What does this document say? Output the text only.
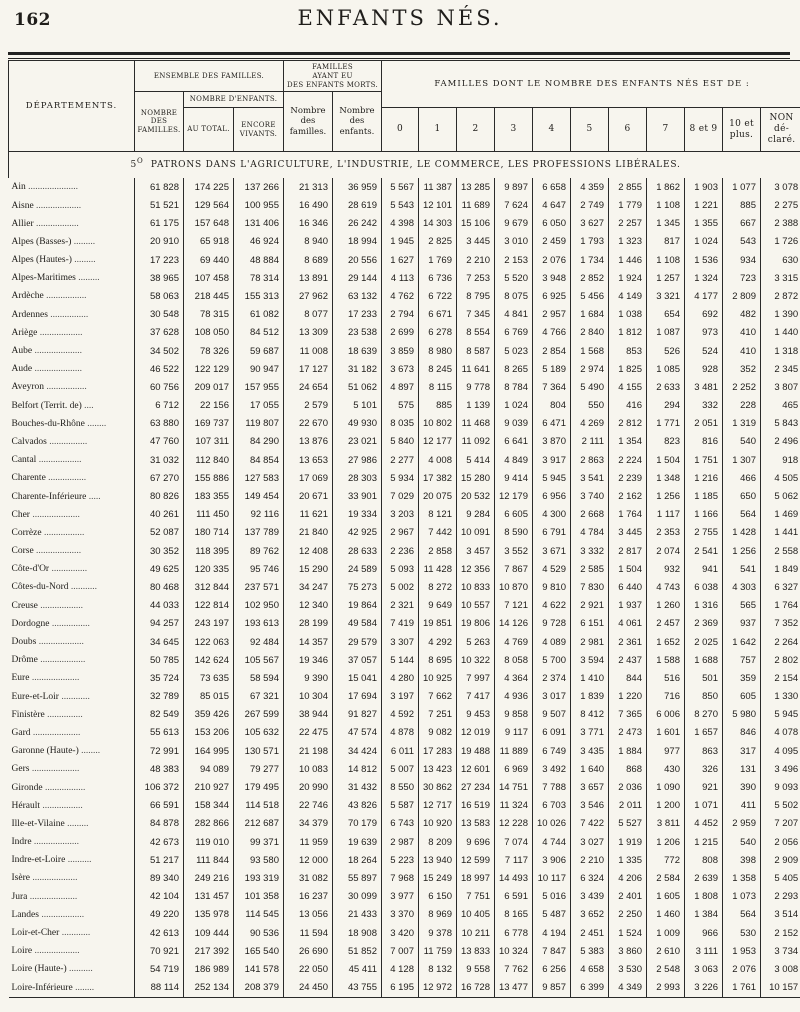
162	ENFANTS NÉS.
DÉPARTEMENTS.	ENSEMBLE DES FAMILLES.			FAMILLES
AYANT EU
DES ENFANTS MORTS.		FAMILLES DONT LE NOMBRE DES ENFANTS NÉS EST DE :										
	NOMBRE DES FAMILLES.	NOMBRE D'ENFANTS.		Nombre des familles.	Nombre des enfants.											
		AU TOTAL.	ENCORE VIVANTS.			0	1	2	3	4	5	6	7	8 et 9	10 et plus.	NON dé- claré.
$5^O$ PATRONS DANS L'AGRICULTURE, L'INDUSTRIE, LE COMMERCE, LES PROFESSIONS LIBÉRALES.																
Ain .....................	61 828	174 225	137 266	21 313	36 959	5 567	11 387	13 285	9 897	6 658	4 359	2 855	1 862	1 903	1 077	3 078
Aisne ...................	51 521	129 564	100 955	16 490	28 619	5 543	12 101	11 689	7 624	4 647	2 749	1 779	1 108	1 221	885	2 275
Allier ..................	61 175	157 648	131 406	16 346	26 242	4 398	14 303	15 106	9 679	6 050	3 627	2 257	1 345	1 355	667	2 388
Alpes (Basses-) .........	20 910	65 918	46 924	8 940	18 994	1 945	2 825	3 445	3 010	2 459	1 793	1 323	817	1 024	543	1 726
Alpes (Hautes-) .........	17 223	69 440	48 884	8 689	20 556	1 627	1 769	2 210	2 153	2 076	1 734	1 446	1 108	1 536	934	630
Alpes-Maritimes .........	38 965	107 458	78 314	13 891	29 144	4 113	6 736	7 253	5 520	3 948	2 852	1 924	1 257	1 324	723	3 315
Ardèche .................	58 063	218 445	155 313	27 962	63 132	4 762	6 722	8 795	8 075	6 925	5 456	4 149	3 321	4 177	2 809	2 872
Ardennes ................	30 548	78 315	61 082	8 077	17 233	2 794	6 671	7 345	4 841	2 957	1 684	1 038	654	692	482	1 390
Ariège ..................	37 628	108 050	84 512	13 309	23 538	2 699	6 278	8 554	6 769	4 766	2 840	1 812	1 087	973	410	1 440
Aube ....................	34 502	78 326	59 687	11 008	18 639	3 859	8 980	8 587	5 023	2 854	1 568	853	526	524	410	1 318
Aude ....................	46 522	122 129	90 947	17 127	31 182	3 673	8 245	11 641	8 265	5 189	2 974	1 825	1 085	928	352	2 345
Aveyron .................	60 756	209 017	157 955	24 654	51 062	4 897	8 115	9 778	8 784	7 364	5 490	4 155	2 633	3 481	2 252	3 807
Belfort (Territ. de) ....	6 712	22 156	17 055	2 579	5 101	575	885	1 139	1 024	804	550	416	294	332	228	465
Bouches-du-Rhône ........	63 880	169 737	119 807	22 670	49 930	8 035	10 802	11 468	9 039	6 471	4 269	2 812	1 771	2 051	1 319	5 843
Calvados ................	47 760	107 311	84 290	13 876	23 021	5 840	12 177	11 092	6 641	3 870	2 111	1 354	823	816	540	2 496
Cantal ..................	31 032	112 840	84 854	13 653	27 986	2 277	4 008	5 414	4 849	3 917	2 863	2 224	1 504	1 751	1 307	918
Charente ................	67 270	155 886	127 583	17 069	28 303	5 934	17 382	15 280	9 414	5 945	3 541	2 239	1 348	1 216	466	4 505
Charente-Inférieure .....	80 826	183 355	149 454	20 671	33 901	7 029	20 075	20 532	12 179	6 956	3 740	2 162	1 256	1 185	650	5 062
Cher ....................	40 261	111 450	92 116	11 621	19 334	3 203	8 121	9 284	6 605	4 300	2 668	1 764	1 117	1 166	564	1 469
Corrèze .................	52 087	180 714	137 789	21 840	42 925	2 967	7 442	10 091	8 590	6 791	4 784	3 445	2 353	2 755	1 428	1 441
Corse ...................	30 352	118 395	89 762	12 408	28 633	2 236	2 858	3 457	3 552	3 671	3 332	2 817	2 074	2 541	1 256	2 558
Côte-d'Or ...............	49 625	120 335	95 746	15 290	24 589	5 093	11 428	12 356	7 867	4 529	2 585	1 504	932	941	541	1 849
Côtes-du-Nord ...........	80 468	312 844	237 571	34 247	75 273	5 002	8 272	10 833	10 870	9 810	7 830	6 440	4 743	6 038	4 303	6 327
Creuse ..................	44 033	122 814	102 950	12 340	19 864	2 321	9 649	10 557	7 121	4 622	2 921	1 937	1 260	1 316	565	1 764
Dordogne ................	94 257	243 197	193 613	28 199	49 584	7 419	19 851	19 806	14 126	9 728	6 151	4 061	2 457	2 369	937	7 352
Doubs ...................	34 645	122 063	92 484	14 357	29 579	3 307	4 292	5 263	4 769	4 089	2 981	2 361	1 652	2 025	1 642	2 264
Drôme ...................	50 785	142 624	105 567	19 346	37 057	5 144	8 695	10 322	8 058	5 700	3 594	2 437	1 588	1 688	757	2 802
Eure ....................	35 724	73 635	58 594	9 390	15 041	4 280	10 925	7 997	4 364	2 374	1 410	844	516	501	359	2 154
Eure-et-Loir ............	32 789	85 015	67 321	10 304	17 694	3 197	7 662	7 417	4 936	3 017	1 839	1 220	716	850	605	1 330
Finistère ...............	82 549	359 426	267 599	38 944	91 827	4 592	7 251	9 453	9 858	9 507	8 412	7 365	6 006	8 270	5 980	5 945
Gard ....................	55 613	153 206	105 632	22 475	47 574	4 878	9 082	12 019	9 117	6 091	3 771	2 473	1 601	1 657	846	4 078
Garonne (Haute-) ........	72 991	164 995	130 571	21 198	34 424	6 011	17 283	19 488	11 889	6 749	3 435	1 884	977	863	317	4 095
Gers ....................	48 383	94 089	79 277	10 083	14 812	5 007	13 423	12 601	6 969	3 492	1 640	868	430	326	131	3 496
Gironde .................	106 372	210 927	179 495	20 990	31 432	8 550	30 862	27 234	14 751	7 788	3 657	2 036	1 090	921	390	9 093
Hérault .................	66 591	158 344	114 518	22 746	43 826	5 587	12 717	16 519	11 324	6 703	3 546	2 011	1 200	1 071	411	5 502
Ille-et-Vilaine .........	84 878	282 866	212 687	34 379	70 179	6 743	10 920	13 583	12 228	10 026	7 422	5 527	3 811	4 452	2 959	7 207
Indre ...................	42 673	119 010	99 371	11 959	19 639	2 987	8 209	9 696	7 074	4 744	3 027	1 919	1 206	1 215	540	2 056
Indre-et-Loire ..........	51 217	111 844	93 580	12 000	18 264	5 223	13 940	12 599	7 117	3 906	2 210	1 335	772	808	398	2 909
Isère ...................	89 340	249 216	193 319	31 082	55 897	7 968	15 249	18 997	14 493	10 117	6 324	4 206	2 584	2 639	1 358	5 405
Jura ....................	42 104	131 457	101 358	16 237	30 099	3 977	6 150	7 751	6 591	5 016	3 439	2 401	1 605	1 808	1 073	2 293
Landes ..................	49 220	135 978	114 545	13 056	21 433	3 370	8 969	10 405	8 165	5 487	3 652	2 250	1 460	1 384	564	3 514
Loir-et-Cher ............	42 613	109 444	90 536	11 594	18 908	3 420	9 378	10 211	6 778	4 194	2 451	1 524	1 009	966	530	2 152
Loire ...................	70 921	217 392	165 540	26 690	51 852	7 007	11 759	13 833	10 324	7 847	5 383	3 860	2 610	3 111	1 953	3 734
Loire (Haute-) ..........	54 719	186 989	141 578	22 050	45 411	4 128	8 132	9 558	7 762	6 256	4 658	3 530	2 548	3 063	2 076	3 008
Loire-Inférieure ........	88 114	252 134	208 379	24 450	43 755	6 195	12 972	16 728	13 477	9 857	6 399	4 349	2 993	3 226	1 761	10 157
